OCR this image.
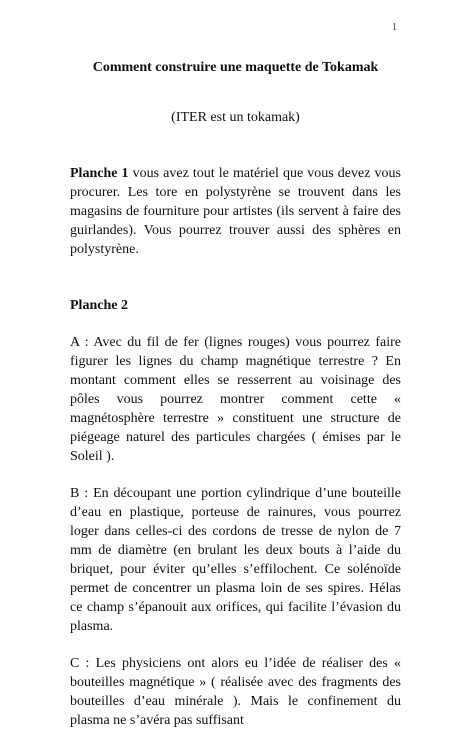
1

Comment construire une maquette de Tokamak

(ITER est un tokamak)

Planche 1 vous avez tout le matériel que vous devez vous procurer. Les tore en polystyrène se trouvent dans les magasins de fourniture pour artistes (ils servent à faire des guirlandes). Vous pourrez trouver aussi des sphères en polystyrène.

Planche 2

A : Avec du fil de fer (lignes rouges) vous pourrez faire figurer les lignes du champ magnétique terrestre ? En montant comment elles se resserrent au voisinage des pôles vous pourrez montrer comment cette « magnétosphère terrestre » constituent une structure de piégeage naturel des particules chargées ( émises par le Soleil ).

B : En découpant une portion cylindrique d’une bouteille d’eau en plastique, porteuse de rainures, vous pourrez loger dans celles-ci des cordons de tresse de nylon de 7 mm de diamètre (en brulant les deux bouts à l’aide du briquet, pour éviter qu’elles s’effilochent. Ce solénoïde permet de concentrer un plasma loin de ses spires. Hélas ce champ s’épanouit aux orifices, qui facilite l’évasion du plasma.

C : Les physiciens ont alors eu l’idée de réaliser des « bouteilles magnétique » ( réalisée avec des fragments des bouteilles d’eau minérale ). Mais le confinement du plasma ne s’avéra pas suffisant
